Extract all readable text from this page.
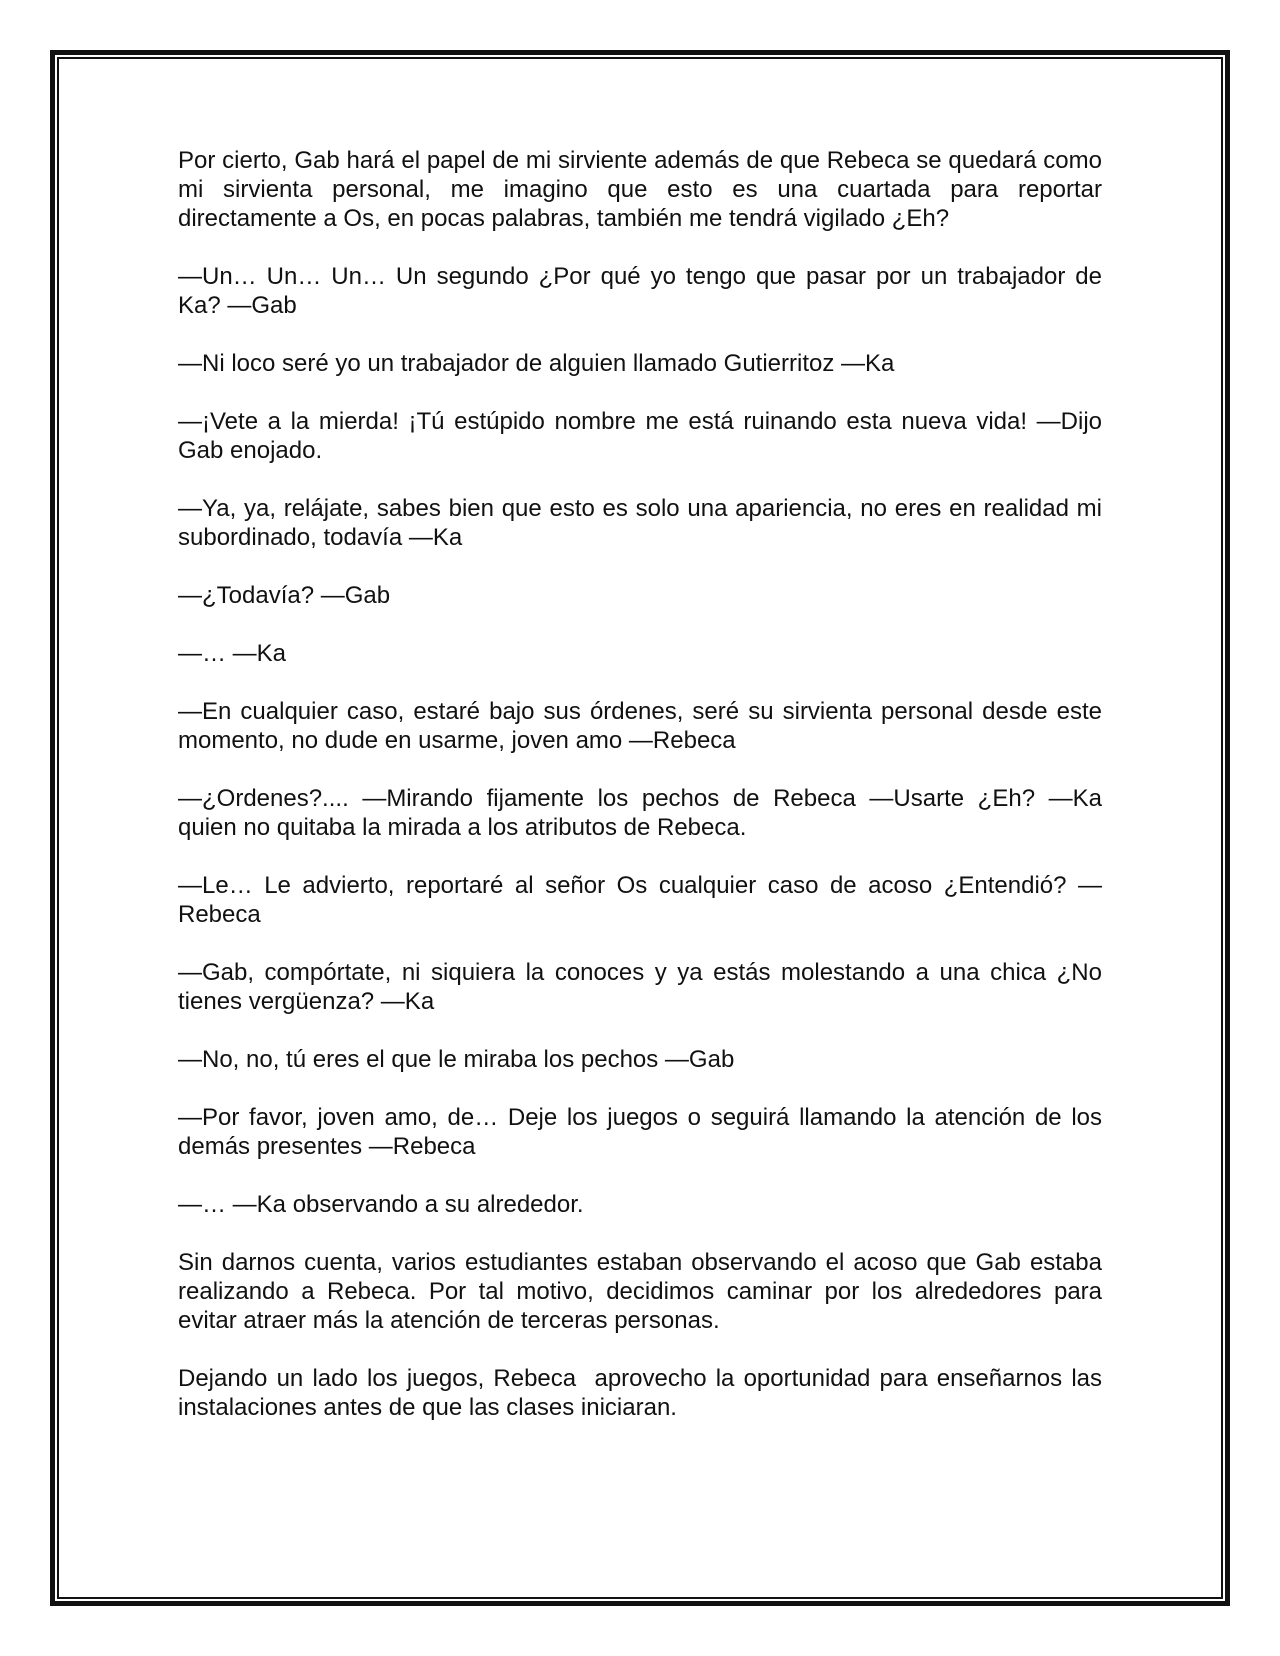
Por cierto, Gab hará el papel de mi sirviente además de que Rebeca se quedará como mi sirvienta personal, me imagino que esto es una cuartada para reportar directamente a Os, en pocas palabras, también me tendrá vigilado ¿Eh?

—Un… Un… Un… Un segundo ¿Por qué yo tengo que pasar por un trabajador de Ka? —Gab

—Ni loco seré yo un trabajador de alguien llamado Gutierritoz —Ka

—¡Vete a la mierda! ¡Tú estúpido nombre me está ruinando esta nueva vida! —Dijo Gab enojado.

—Ya, ya, relájate, sabes bien que esto es solo una apariencia, no eres en realidad mi subordinado, todavía —Ka

—¿Todavía? —Gab

—… —Ka

—En cualquier caso, estaré bajo sus órdenes, seré su sirvienta personal desde este momento, no dude en usarme, joven amo —Rebeca

—¿Ordenes?.... —Mirando fijamente los pechos de Rebeca —Usarte ¿Eh? —Ka quien no quitaba la mirada a los atributos de Rebeca.

—Le… Le advierto, reportaré al señor Os cualquier caso de acoso ¿Entendió? —Rebeca

—Gab, compórtate, ni siquiera la conoces y ya estás molestando a una chica ¿No tienes vergüenza? —Ka

—No, no, tú eres el que le miraba los pechos —Gab

—Por favor, joven amo, de… Deje los juegos o seguirá llamando la atención de los demás presentes —Rebeca

—… —Ka observando a su alrededor.

Sin darnos cuenta, varios estudiantes estaban observando el acoso que Gab estaba realizando a Rebeca. Por tal motivo, decidimos caminar por los alrededores para evitar atraer más la atención de terceras personas.

Dejando un lado los juegos, Rebeca  aprovecho la oportunidad para enseñarnos las instalaciones antes de que las clases iniciaran.
